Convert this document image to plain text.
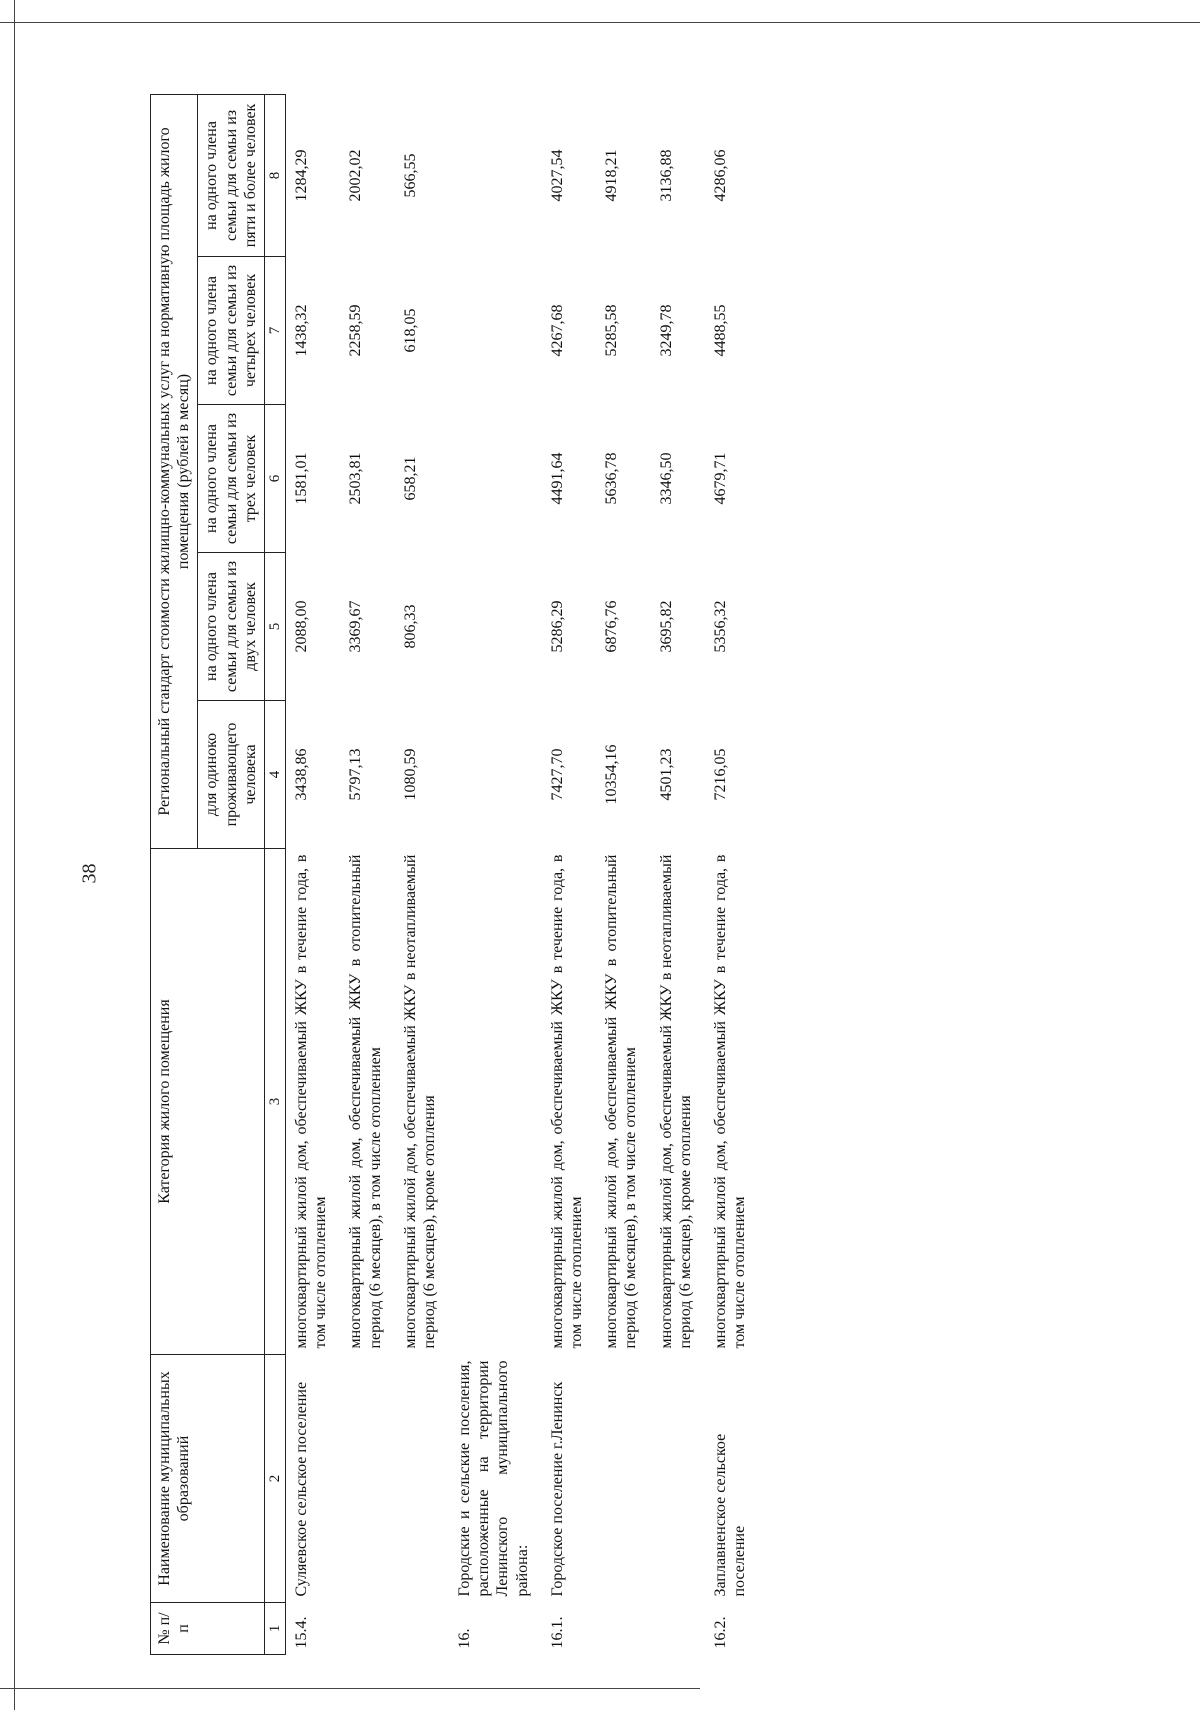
38
№ п/п	Наименование муниципальных образований	Категория жилого помещения	Региональный стандарт стоимости жилищно-коммунальных услуг на нормативную площадь жилого помещения (рублей в месяц)				
			для одиноко проживающего человека	на одного члена семьи для семьи из двух человек	на одного члена семьи для семьи из трех человек	на одного члена семьи для семьи из четырех человек	на одного члена семьи для семьи из пяти и более человек
1	2	3	4	5	6	7	8
15.4.	Суляевское сельское поселение	многоквартирный жилой дом, обеспечиваемый ЖКУ в течение года, в том числе отоплением	3438,86	2088,00	1581,01	1438,32	1284,29
		многоквартирный жилой дом, обеспечиваемый ЖКУ в отопительный период (6 месяцев), в том числе отоплением	5797,13	3369,67	2503,81	2258,59	2002,02
		многоквартирный жилой дом, обеспечиваемый ЖКУ в неотапливаемый период (6 месяцев), кроме отопления	1080,59	806,33	658,21	618,05	566,55
16.	Городские и сельские поселения, расположенные на территории Ленинского муниципального района:						
16.1.	Городское поселение г.Ленинск	многоквартирный жилой дом, обеспечиваемый ЖКУ в течение года, в том числе отоплением	7427,70	5286,29	4491,64	4267,68	4027,54
		многоквартирный жилой дом, обеспечиваемый ЖКУ в отопительный период (6 месяцев), в том числе отоплением	10354,16	6876,76	5636,78	5285,58	4918,21
		многоквартирный жилой дом, обеспечиваемый ЖКУ в неотапливаемый период (6 месяцев), кроме отопления	4501,23	3695,82	3346,50	3249,78	3136,88
16.2.	Заплавненское сельское поселение	многоквартирный жилой дом, обеспечиваемый ЖКУ в течение года, в том числе отоплением	7216,05	5356,32	4679,71	4488,55	4286,06
